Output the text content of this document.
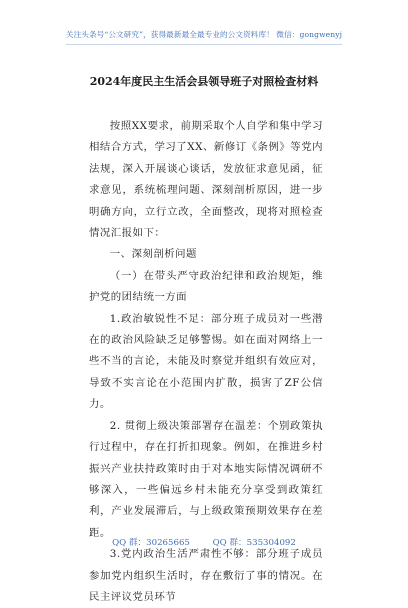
关注头条号“公文研究”，获得最新最全最专业的公文资料库！ 微信：gongwenyj
2024年度民主生活会县领导班子对照检查材料

按照XX要求，前期采取个人自学和集中学习相结合方式，学习了XX、新修订《条例》等党内法规，深入开展谈心谈话，发放征求意见函，征求意见，系统梳理问题、深刻剖析原因，进一步明确方向，立行立改，全面整改，现将对照检查情况汇报如下：

一、深刻剖析问题

（一）在带头严守政治纪律和政治规矩，维护党的团结统一方面

1.政治敏锐性不足：部分班子成员对一些潜在的政治风险缺乏足够警惕。如在面对网络上一些不当的言论，未能及时察觉并组织有效应对，导致不实言论在小范围内扩散，损害了ZF公信力。

2. 贯彻上级决策部署存在温差：个别政策执行过程中，存在打折扣现象。例如，在推进乡村振兴产业扶持政策时由于对本地实际情况调研不够深入，一些偏远乡村未能充分享受到政策红利，产业发展滞后，与上级政策预期效果存在差距。

3.党内政治生活严肃性不够：部分班子成员参加党内组织生活时，存在敷衍了事的情况。在民主评议党员环节

QQ 群：30265665	QQ 群：535304092
